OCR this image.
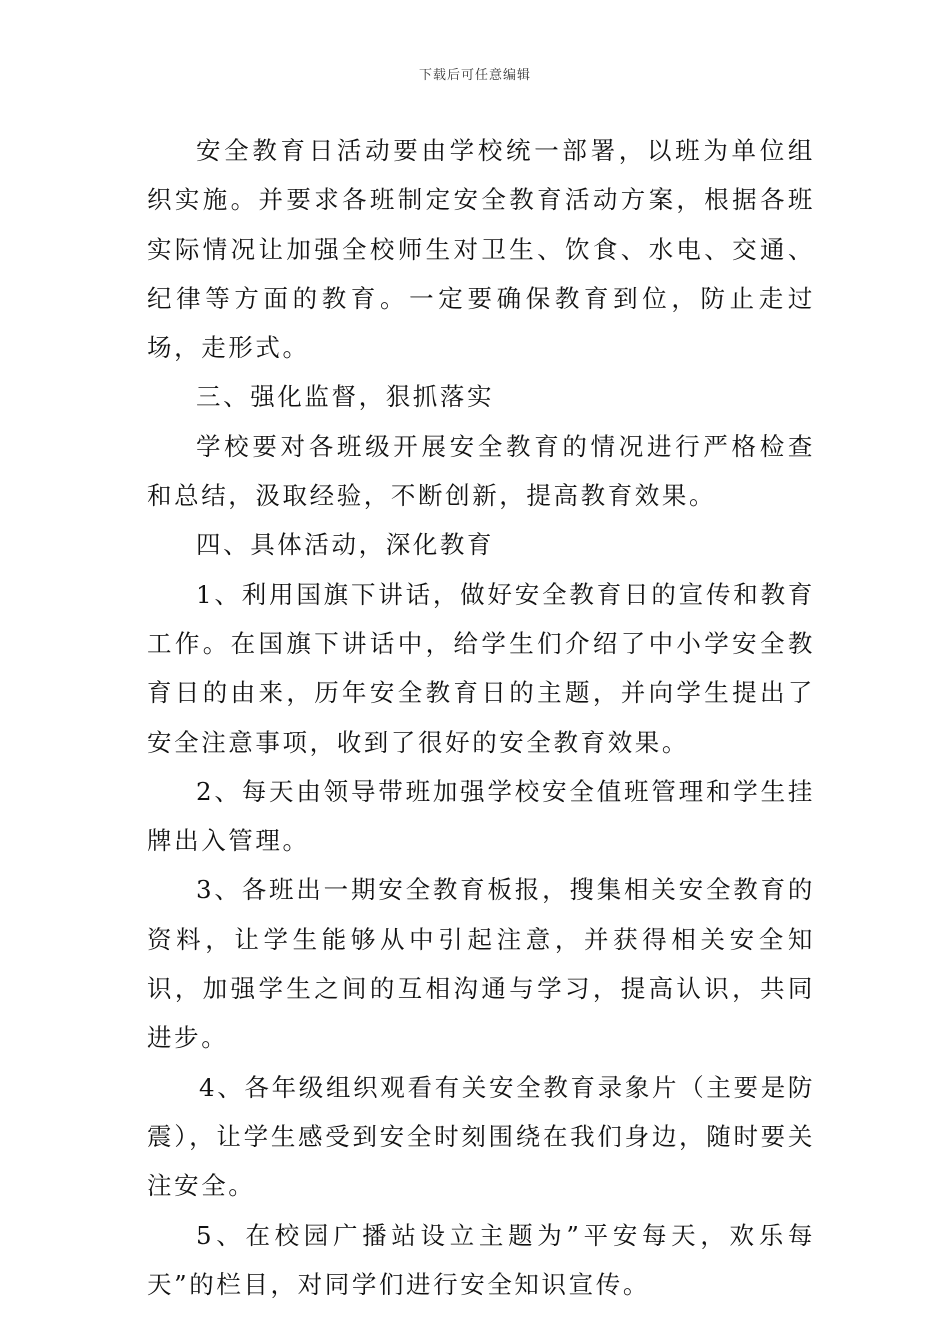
下载后可任意编辑

安全教育日活动要由学校统一部署，以班为单位组织实施。并要求各班制定安全教育活动方案，根据各班实际情况让加强全校师生对卫生、饮食、水电、交通、纪律等方面的教育。一定要确保教育到位，防止走过场，走形式。

三、强化监督，狠抓落实

学校要对各班级开展安全教育的情况进行严格检查和总结，汲取经验，不断创新，提高教育效果。

四、具体活动，深化教育

1、利用国旗下讲话，做好安全教育日的宣传和教育工作。在国旗下讲话中，给学生们介绍了中小学安全教育日的由来，历年安全教育日的主题，并向学生提出了安全注意事项，收到了很好的安全教育效果。

2、每天由领导带班加强学校安全值班管理和学生挂牌出入管理。

3、各班出一期安全教育板报，搜集相关安全教育的资料，让学生能够从中引起注意，并获得相关安全知识，加强学生之间的互相沟通与学习，提高认识，共同进步。

4、各年级组织观看有关安全教育录象片（主要是防震），让学生感受到安全时刻围绕在我们身边，随时要关注安全。

5、在校园广播站设立主题为”平安每天，欢乐每天”的栏目，对同学们进行安全知识宣传。
